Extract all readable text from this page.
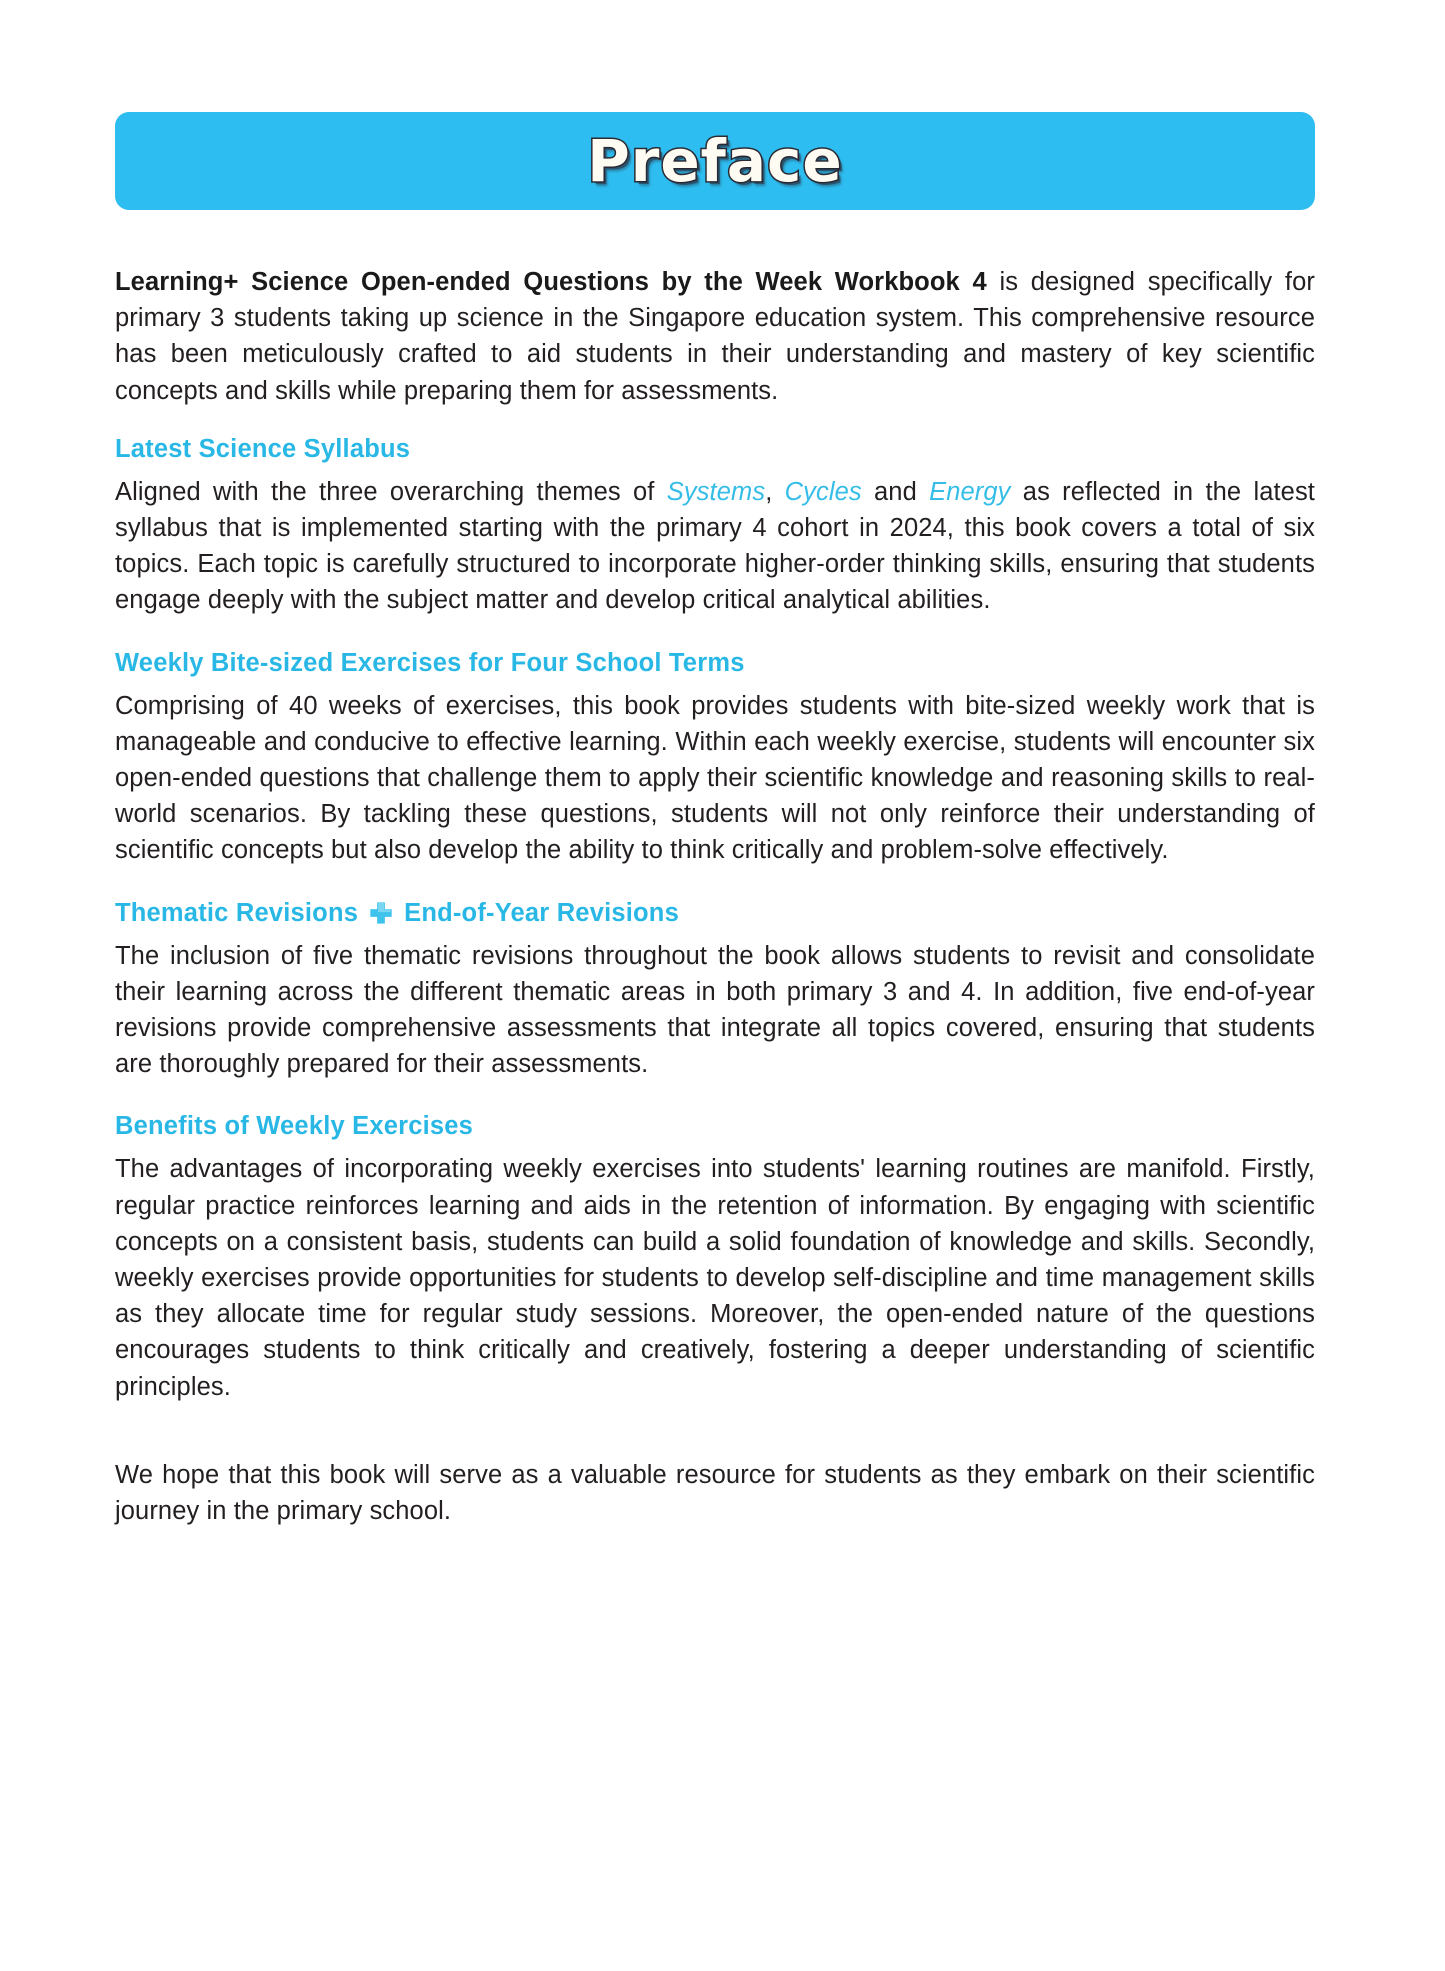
Preface

Learning+ Science Open-ended Questions by the Week Workbook 4 is designed specifically for primary 3 students taking up science in the Singapore education system. This comprehensive resource has been meticulously crafted to aid students in their understanding and mastery of key scientific concepts and skills while preparing them for assessments.

Latest Science Syllabus

Aligned with the three overarching themes of Systems, Cycles and Energy as reflected in the latest syllabus that is implemented starting with the primary 4 cohort in 2024, this book covers a total of six topics. Each topic is carefully structured to incorporate higher-order thinking skills, ensuring that students engage deeply with the subject matter and develop critical analytical abilities.

Weekly Bite-sized Exercises for Four School Terms

Comprising of 40 weeks of exercises, this book provides students with bite-sized weekly work that is manageable and conducive to effective learning. Within each weekly exercise, students will encounter six open-ended questions that challenge them to apply their scientific knowledge and reasoning skills to real-world scenarios. By tackling these questions, students will not only reinforce their understanding of scientific concepts but also develop the ability to think critically and problem-solve effectively.

Thematic Revisions End-of-Year Revisions

The inclusion of five thematic revisions throughout the book allows students to revisit and consolidate their learning across the different thematic areas in both primary 3 and 4. In addition, five end-of-year revisions provide comprehensive assessments that integrate all topics covered, ensuring that students are thoroughly prepared for their assessments.

Benefits of Weekly Exercises

The advantages of incorporating weekly exercises into students' learning routines are manifold. Firstly, regular practice reinforces learning and aids in the retention of information. By engaging with scientific concepts on a consistent basis, students can build a solid foundation of knowledge and skills. Secondly, weekly exercises provide opportunities for students to develop self-discipline and time management skills as they allocate time for regular study sessions. Moreover, the open-ended nature of the questions encourages students to think critically and creatively, fostering a deeper understanding of scientific principles.

We hope that this book will serve as a valuable resource for students as they embark on their scientific journey in the primary school.
